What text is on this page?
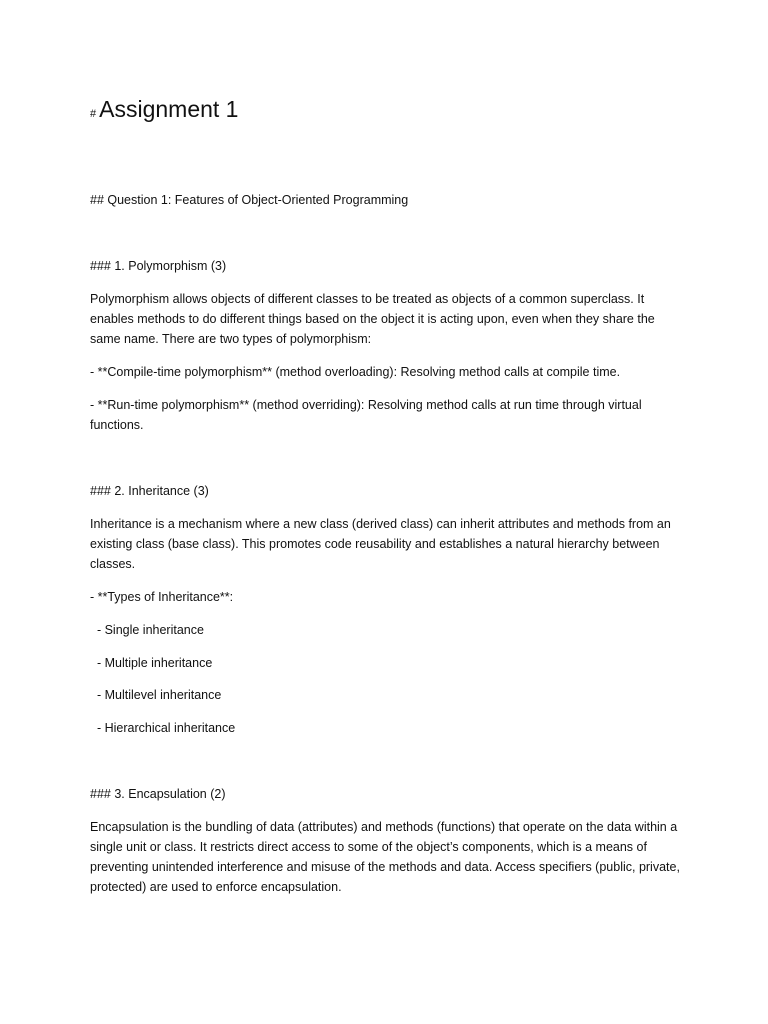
# Assignment 1

## Question 1: Features of Object-Oriented Programming

### 1. Polymorphism (3)

Polymorphism allows objects of different classes to be treated as objects of a common superclass. It enables methods to do different things based on the object it is acting upon, even when they share the same name. There are two types of polymorphism:

- **Compile-time polymorphism** (method overloading): Resolving method calls at compile time.

- **Run-time polymorphism** (method overriding): Resolving method calls at run time through virtual functions.

### 2. Inheritance (3)

Inheritance is a mechanism where a new class (derived class) can inherit attributes and methods from an existing class (base class). This promotes code reusability and establishes a natural hierarchy between classes.

- **Types of Inheritance**:

- Single inheritance

- Multiple inheritance

- Multilevel inheritance

- Hierarchical inheritance

### 3. Encapsulation (2)

Encapsulation is the bundling of data (attributes) and methods (functions) that operate on the data within a single unit or class. It restricts direct access to some of the object’s components, which is a means of preventing unintended interference and misuse of the methods and data. Access specifiers (public, private, protected) are used to enforce encapsulation.
